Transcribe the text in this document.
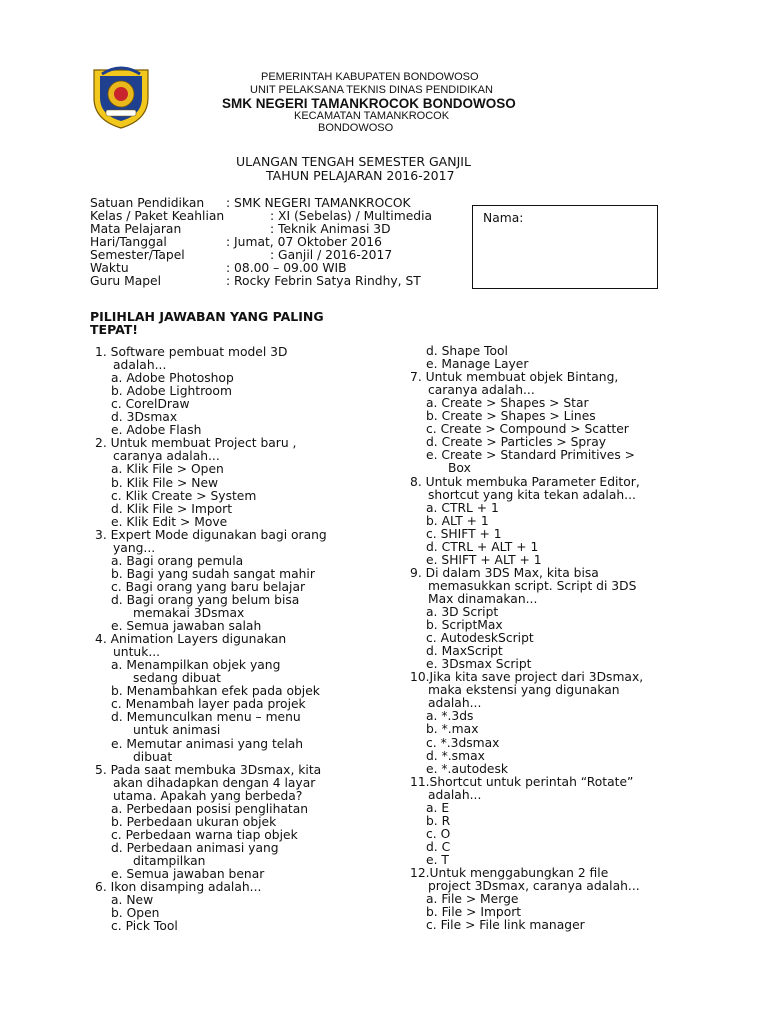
PEMERINTAH KABUPATEN BONDOWOSO
UNIT PELAKSANA TEKNIS DINAS PENDIDIKAN
SMK NEGERI TAMANKROCOK BONDOWOSO
KECAMATAN TAMANKROCOK
BONDOWOSO
ULANGAN TENGAH SEMESTER GANJIL
TAHUN PELAJARAN 2016-2017
Satuan Pendidikan : SMK NEGERI TAMANKROCOK
Kelas / Paket Keahlian	: XI (Sebelas) / Multimedia
Mata Pelajaran	: Teknik Animasi 3D
Hari/Tanggal	: Jumat, 07 Oktober 2016
Semester/Tapel	: Ganjil / 2016-2017
Waktu	: 08.00 – 09.00 WIB
Guru Mapel	: Rocky Febrin Satya Rindhy, ST
Nama:
PILIHLAH JAWABAN YANG PALING
TEPAT!
1. Software pembuat model 3D
adalah...
a. Adobe Photoshop
b. Adobe Lightroom
c. CorelDraw
d. 3Dsmax
e. Adobe Flash
2. Untuk membuat Project baru ,
caranya adalah...
a. Klik File > Open
b. Klik File > New
c. Klik Create > System
d. Klik File > Import
e. Klik Edit > Move
3. Expert Mode digunakan bagi orang
yang...
a. Bagi orang pemula
b. Bagi yang sudah sangat mahir
c. Bagi orang yang baru belajar
d. Bagi orang yang belum bisa
memakai 3Dsmax
e. Semua jawaban salah
4. Animation Layers digunakan
untuk...
a. Menampilkan objek yang
sedang dibuat
b. Menambahkan efek pada objek
c. Menambah layer pada projek
d. Memunculkan menu – menu
untuk animasi
e. Memutar animasi yang telah
dibuat
5. Pada saat membuka 3Dsmax, kita
akan dihadapkan dengan 4 layar
utama. Apakah yang berbeda?
a. Perbedaan posisi penglihatan
b. Perbedaan ukuran objek
c. Perbedaan warna tiap objek
d. Perbedaan animasi yang
ditampilkan
e. Semua jawaban benar
6. Ikon disamping adalah...
a. New
b. Open
c. Pick Tool
d. Shape Tool
e. Manage Layer
7. Untuk membuat objek Bintang,
caranya adalah...
a. Create > Shapes > Star
b. Create > Shapes > Lines
c. Create > Compound > Scatter
d. Create > Particles > Spray
e. Create > Standard Primitives >
Box
8. Untuk membuka Parameter Editor,
shortcut yang kita tekan adalah...
a. CTRL + 1
b. ALT + 1
c. SHIFT + 1
d. CTRL + ALT + 1
e. SHIFT + ALT + 1
9. Di dalam 3DS Max, kita bisa
memasukkan script. Script di 3DS
Max dinamakan...
a. 3D Script
b. ScriptMax
c. AutodeskScript
d. MaxScript
e. 3Dsmax Script
10.Jika kita save project dari 3Dsmax,
maka ekstensi yang digunakan
adalah...
a. *.3ds
b. *.max
c. *.3dsmax
d. *.smax
e. *.autodesk
11.Shortcut untuk perintah “Rotate”
adalah...
a. E
b. R
c. O
d. C
e. T
12.Untuk menggabungkan 2 file
project 3Dsmax, caranya adalah...
a. File > Merge
b. File > Import
c. File > File link manager
